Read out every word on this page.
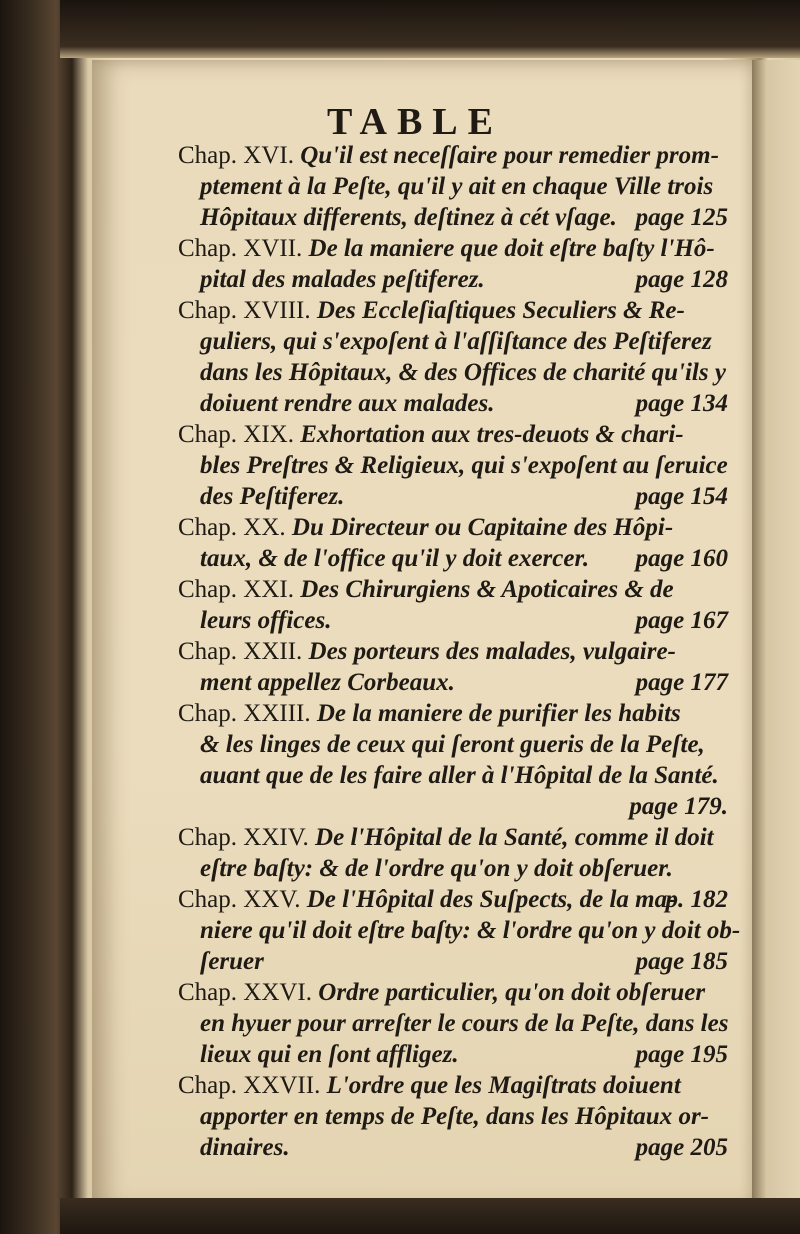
TABLE
Chap. XVI. Qu'il est neceſſaire pour remedier prom-
ptement à la Peſte, qu'il y ait en chaque Ville trois
Hôpitaux differents, deſtinez à cét vſage. page 125
Chap. XVII. De la maniere que doit eſtre baſty l'Hô-
pital des malades peſtiferez.	page 128
Chap. XVIII. Des Eccleſiaſtiques Seculiers & Re-
guliers, qui s'expoſent à l'aſſiſtance des Peſtiferez
dans les Hôpitaux, & des Offices de charité qu'ils y
doiuent rendre aux malades.	page 134
Chap. XIX. Exhortation aux tres-deuots & chari-
bles Preſtres & Religieux, qui s'expoſent au ſeruice
des Peſtiferez.	page 154
Chap. XX. Du Directeur ou Capitaine des Hôpi-
taux, & de l'office qu'il y doit exercer. page 160
Chap. XXI. Des Chirurgiens & Apoticaires & de
leurs offices.	page 167
Chap. XXII. Des porteurs des malades, vulgaire-
ment appellez Corbeaux.	page 177
Chap. XXIII. De la maniere de purifier les habits
& les linges de ceux qui ſeront gueris de la Peſte,
auant que de les faire aller à l'Hôpital de la Santé.
page 179.
Chap. XXIV. De l'Hôpital de la Santé, comme il doit
eſtre baſty: & de l'ordre qu'on y doit obſeruer.
p. 182
Chap. XXV. De l'Hôpital des Suſpects, de la ma-
niere qu'il doit eſtre baſty: & l'ordre qu'on y doit ob-
ſeruer	page 185
Chap. XXVI. Ordre particulier, qu'on doit obſeruer
en hyuer pour arreſter le cours de la Peſte, dans les
lieux qui en ſont affligez.	page 195
Chap. XXVII. L'ordre que les Magiſtrats doiuent
apporter en temps de Peſte, dans les Hôpitaux or-
dinaires.	page 205
